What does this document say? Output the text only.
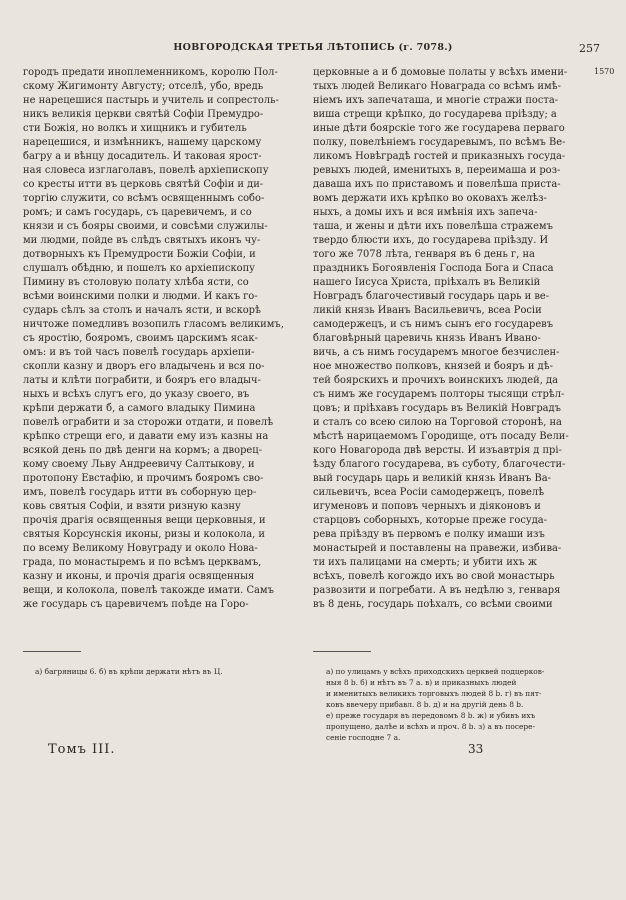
НОВГОРОДСКАЯ ТРЕТЬЯ ЛѢТОПИСЬ (г. 7078.)	257
1570

городъ предати иноплеменникомъ, королю Пол-

скому Жигимонту Августу; отселѣ, убо, вредь

не нарецешися пастырь и учитель и сопрестоль-

никъ великія церкви святѣй Софіи Премудро-

сти Божія, но волкъ и хищникъ и губитель

нарецешися, и измѣнникъ, нашему царскому

багру а и вѣнцу досадитель. И таковая ярост-

ная словеса изглаголавъ, повелѣ архіепископу

со кресты итти въ церковь святѣй Софіи и ди-

торгію служити, со всѣмъ освященнымъ собо-

ромъ; и самъ государь, съ царевичемъ, и со

князи и съ бояры своими, и совсѣми служилы-

ми людми, пойде въ слѣдъ святыхъ иконъ чу-

дотворныхъ къ Премудрости Божіи Софіи, и

слушалъ обѣдню, и пошелъ ко архіепископу

Пимину въ столовую полату хлѣба ясти, со

всѣми воинскими полки и людми. И какъ го-

сударь сѣлъ за столъ и началъ ясти, и вскорѣ

ничтоже помедливъ возопилъ гласомъ великимъ,

съ яростію, бояромъ, своимъ царскимъ ясак-

омъ: и въ той часъ повелѣ государь архіепи-

скопли казну и дворъ его владычень и вся по-

латы и клѣти пограбити, и бояръ его владыч-

ныхъ и всѣхъ слугъ его, до указу своего, въ

крѣпи держати б, а самого владыку Пимина

повелѣ ограбити и за сторожи отдати, и повелѣ

крѣпко стрещи его, и давати ему изъ казны на

всякой день по двѣ денги на кормъ; а дворец-

кому своему Льву Андреевичу Салтыкову, и

протопону Евстафію, и прочимъ бояромъ сво-

имъ, повелѣ государь итти въ соборную цер-

ковь святыя Софіи, и взяти ризную казну

прочія драгія освященныя вещи церковныя, и

святыя Корсунскія иконы, ризы и колокола, и

по всему Великому Новуграду и около Новa-

града, по монастыремъ и по всѣмъ церквамъ,

казну и иконы, и прочія драгія освященныя

вещи, и колокола, повелѣ такожде имати. Самъ

же государь съ царевичемъ поѣде на Горо-

церковные а и б домовые полаты у всѣхъ имени-

тыхъ людей Великаго Новаграда со всѣмъ имѣ-

ніемъ ихъ запечаташа, и многіе стражи поста-

виша стрещи крѣпко, до государева пріѣзду; а

иные дѣти боярскіе того же государева перваго

полку, повелѣніемъ государевымъ, по всѣмъ Ве-

ликомъ Новѣградѣ гостей и приказныхъ госуда-

ревыхъ людей, именитыхъ в, переимаша и роз-

даваша ихъ по приставомъ и повелѣша приста-

вомъ держати ихъ крѣпко во оковахъ желѣз-

ныхъ, а домы ихъ и вся имѣнія ихъ запеча-

таша, и жены и дѣти ихъ повелѣша стражемъ

твердо блюсти ихъ, до государева пріѣзду. И

того же 7078 лѣта, генваря въ 6 день г, на

праздникъ Богоявленія Господа Бога и Спаса

нашего Іисуса Христа, пріѣхалъ въ Великій

Новградъ благочестивый государь царь и ве-

ликій князь Иванъ Васильевичъ, всеа Росіи

самодержецъ, и съ нимъ сынъ его государевъ

благовѣрный царевичь князь Иванъ Ивано-

вичь, а съ нимъ государемъ многое безчислен-

ное множество полковъ, князей и бояръ и дѣ-

тей боярскихъ и прочихъ воинскихъ людей, да

съ нимъ же государемъ полторы тысящи стрѣл-

цовъ; и пріѣхавъ государь въ Великій Новградъ

и сталъ со всею силою на Торговой сторонѣ, на

мѣстѣ нарицаемомъ Городище, отъ посаду Вели-

кого Новагорода двѣ версты. И изъавтрія д прі-

ѣзду благого государева, въ суботу, благочести-

вый государь царь и великій князь Иванъ Ва-

сильевичъ, всеа Росіи самодержецъ, повелѣ

игуменовъ и поповъ черныхъ и діяконовъ и

старцовъ соборныхъ, которые преже госуда-

рева пріѣзду въ первомъ е полку имаши изъ

монастырей и поставлены на правежи, избива-

ти ихъ палицами на смерть; и убити ихъ ж

всѣхъ, повелѣ когождо ихъ во свой монастырь

развозити и погребати. А въ недѣлю з, генваря

въ 8 день, государь поѣхалъ, со всѣми своими

а) багряницы 6. б) въ крѣпи держати нѣтъ въ Ц.	а) по улицамъ у всѣхъ приходскихъ церквей подцерков-

ныя 8 b. б) и нѣтъ въ 7 а. в) и приказныхъ людей

и именитыхъ великихъ торговыхъ людей 8 b. г) въ пят-

ковъ ввечеру прибавл. 8 b. д) и на другій день 8 b.

е) преже государя въ передовомъ 8 b. ж) и убивъ ихъ

пропущено, далѣе и всѣхъ и проч. 8 b. з) а въ посере-

сеніе господне 7 а.

Томъ III.	33
